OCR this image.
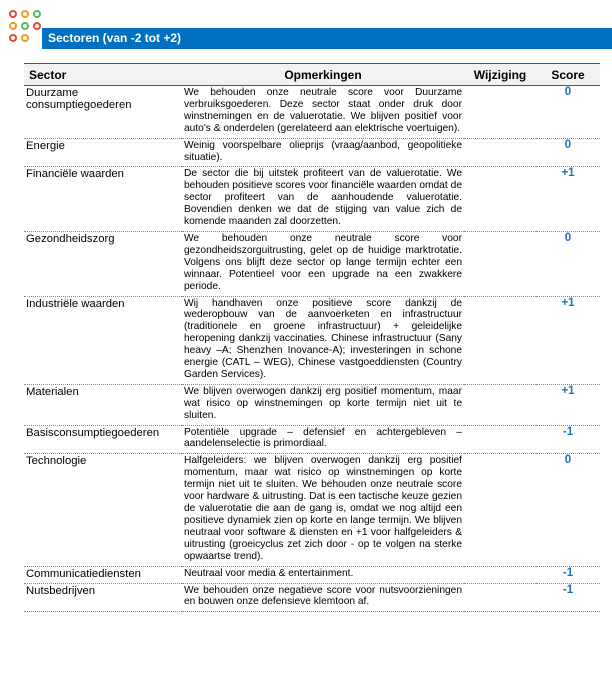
Sectoren (van -2 tot +2)
Sector	Opmerkingen	Wijziging	Score
Duurzame consumptiegoederen	We behouden onze neutrale score voor Duurzame verbruiksgoederen. Deze sector staat onder druk door winstnemingen en de valuerotatie. We blijven positief voor auto's & onderdelen (gerelateerd aan elektrische voertuigen).		0
Energie	Weinig voorspelbare olieprijs (vraag/aanbod, geopolitieke situatie).		0
Financiële waarden	De sector die bij uitstek profiteert van de valuerotatie. We behouden positieve scores voor financiële waarden omdat de sector profiteert van de aanhoudende valuerotatie. Bovendien denken we dat de stijging van value zich de komende maanden zal doorzetten.		+1
Gezondheidszorg	We behouden onze neutrale score voor gezondheidszorguitrusting, gelet op de huidige marktrotatie. Volgens ons blijft deze sector op lange termijn echter een winnaar. Potentieel voor een upgrade na een zwakkere periode.		0
Industriële waarden	Wij handhaven onze positieve score dankzij de wederopbouw van de aanvoerketen en infrastructuur (traditionele en groene infrastructuur) + geleidelijke heropening dankzij vaccinaties. Chinese infrastructuur (Sany heavy –A; Shenzhen Inovance-A); investeringen in schone energie (CATL – WEG), Chinese vastgoeddiensten (Country Garden Services).		+1
Materialen	We blijven overwogen dankzij erg positief momentum, maar wat risico op winstnemingen op korte termijn niet uit te sluiten.		+1
Basisconsumptiegoederen	Potentiële upgrade – defensief en achtergebleven – aandelenselectie is primordiaal.		-1
Technologie	Halfgeleiders: we blijven overwogen dankzij erg positief momentum, maar wat risico op winstnemingen op korte termijn niet uit te sluiten. We behouden onze neutrale score voor hardware & uitrusting. Dat is een tactische keuze gezien de valuerotatie die aan de gang is, omdat we nog altijd een positieve dynamiek zien op korte en lange termijn. We blijven neutraal voor software & diensten en +1 voor halfgeleiders & uitrusting (groeicyclus zet zich door - op te volgen na sterke opwaartse trend).		0
Communicatiediensten	Neutraal voor media & entertainment.		-1
Nutsbedrijven	We behouden onze negatieve score voor nutsvoorzieningen en bouwen onze defensieve klemtoon af.		-1
